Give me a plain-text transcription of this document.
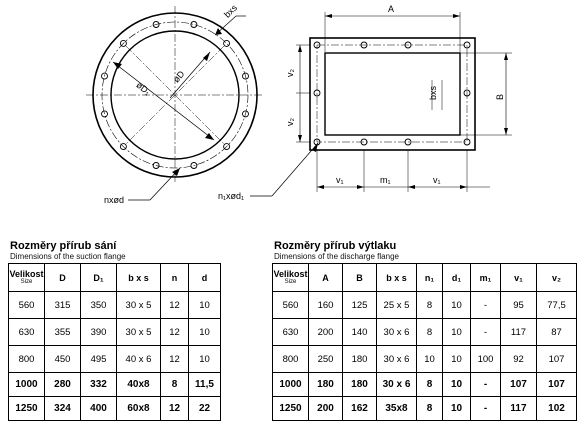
bxs
øD₁
øD
nxød
A
B
v₂
v₂
bxs
v₁	m₁	v₁
n₁xød₁
Rozměry přírub sání
Dimensions of the suction flange
Velikost
Size	D	D₁	b x s	n	d
560	315	350	30 x 5	12	10
630	355	390	30 x 5	12	10
800	450	495	40 x 6	12	10
1000	280	332	40x8	8	11,5
1250	324	400	60x8	12	22
Rozměry přírub výtlaku
Dimensions of the discharge flange
Velikost
Size	A	B	b x s	n₁	d₁	m₁	v₁	v₂
560	160	125	25 x 5	8	10	-	95	77,5
630	200	140	30 x 6	8	10	-	117	87
800	250	180	30 x 6	10	10	100	92	107
1000	180	180	30 x 6	8	10	-	107	107
1250	200	162	35x8	8	10	-	117	102
